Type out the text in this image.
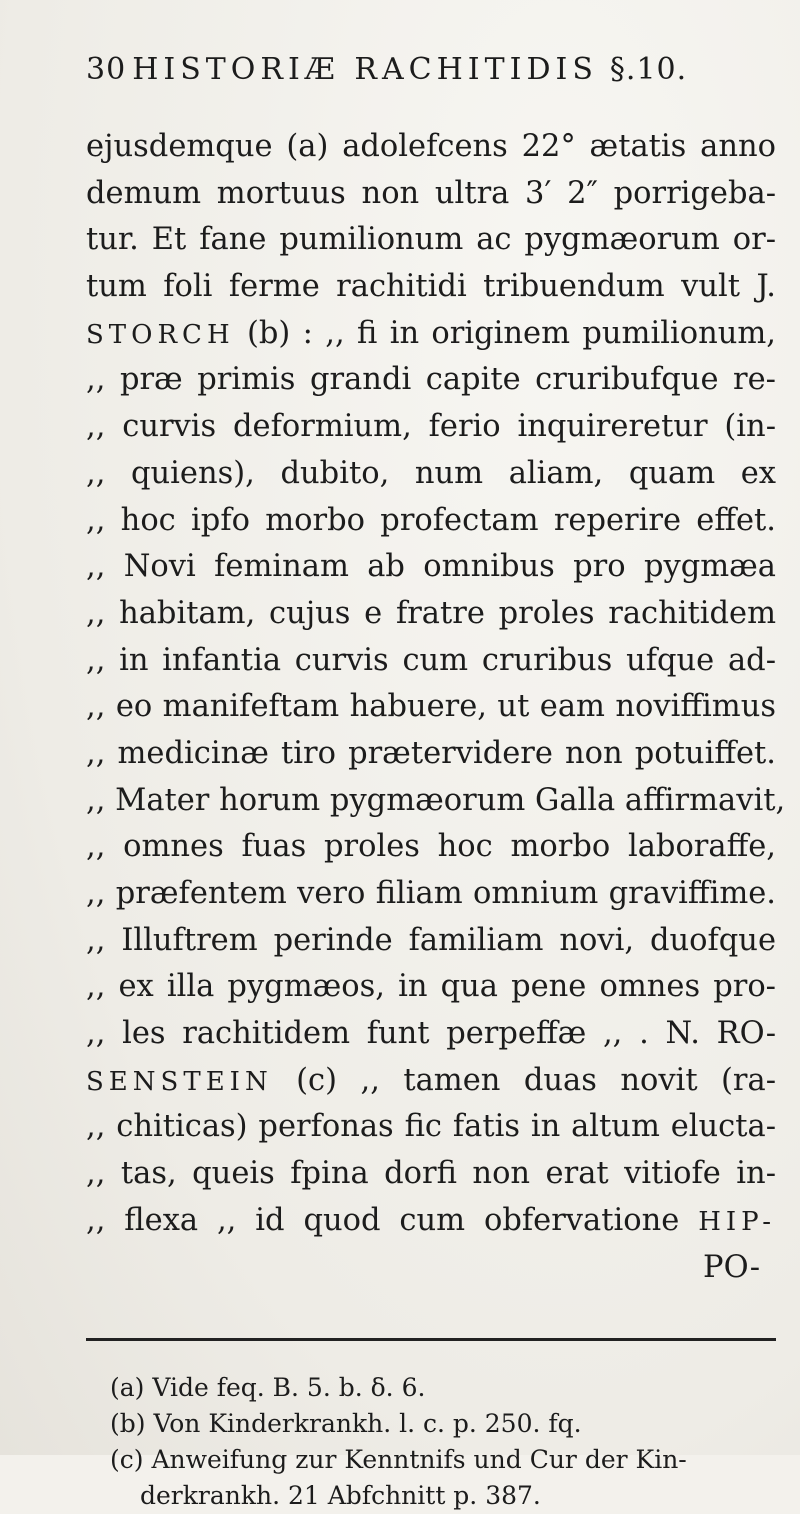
30 HISTORIÆ RACHITIDIS §.10.
ejusdemque (a) adolefcens 22° ætatis anno
demum mortuus non ultra 3′ 2″ porrigeba-
tur. Et fane pumilionum ac pygmæorum or-
tum foli ferme rachitidi tribuendum vult J.
STORCH (b) : ,, fi in originem pumilionum,
,, præ primis grandi capite cruribufque re-
,, curvis deformium, ferio inquireretur (in-
,, quiens), dubito, num aliam, quam ex
,, hoc ipfo morbo profectam reperire effet.
,, Novi feminam ab omnibus pro pygmæa
,, habitam, cujus e fratre proles rachitidem
,, in infantia curvis cum cruribus ufque ad-
,, eo manifeftam habuere, ut eam noviffimus
,, medicinæ tiro prætervidere non potuiffet.
,, Mater horum pygmæorum Galla affirmavit,
,, omnes fuas proles hoc morbo laboraffe,
,, præfentem vero filiam omnium graviffime.
,, Illuftrem perinde familiam novi, duofque
,, ex illa pygmæos, in qua pene omnes pro-
,, les rachitidem funt perpeffæ ,, . N. RO-
SENSTEIN (c) ,, tamen duas novit (ra-
,, chiticas) perfonas fic fatis in altum elucta-
,, tas, queis fpina dorfi non erat vitiofe in-
,, flexa ,, id quod cum obfervatione HIP-
PO-
(a) Vide feq. B. 5. b. δ. 6.
(b) Von Kinderkrankh. l. c. p. 250. fq.
(c) Anweifung zur Kenntnifs und Cur der Kin-
derkrankh. 21 Abfchnitt p. 387.
